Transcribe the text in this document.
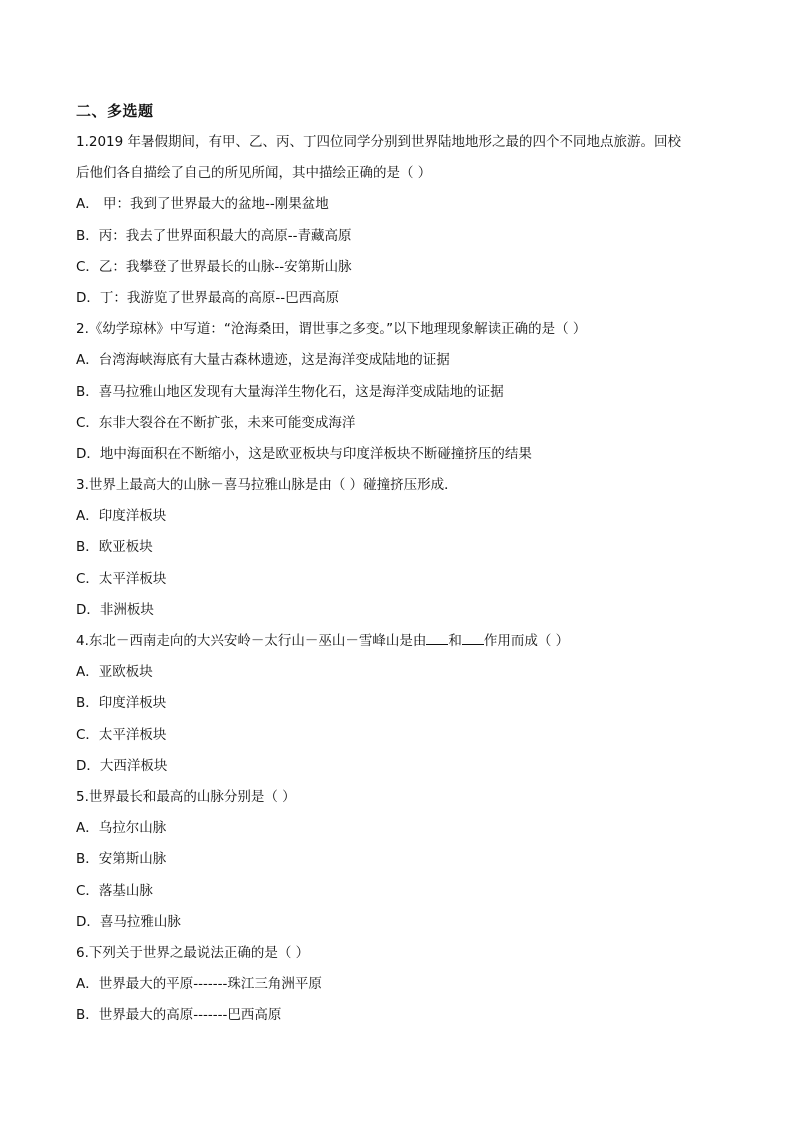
二、多选题
1.2019 年暑假期间，有甲、乙、丙、丁四位同学分别到世界陆地地形之最的四个不同地点旅游。回校
后他们各自描绘了自己的所见所闻，其中描绘正确的是（ ）
A． 甲：我到了世界最大的盆地--刚果盆地
B．丙：我去了世界面积最大的高原--青藏高原
C．乙：我攀登了世界最长的山脉--安第斯山脉
D．丁：我游览了世界最高的高原--巴西高原
2.《幼学琼林》中写道：“沧海桑田，谓世事之多变。”以下地理现象解读正确的是（ ）
A．台湾海峡海底有大量古森林遗迹，这是海洋变成陆地的证据
B．喜马拉雅山地区发现有大量海洋生物化石，这是海洋变成陆地的证据
C．东非大裂谷在不断扩张，未来可能变成海洋
D．地中海面积在不断缩小，这是欧亚板块与印度洋板块不断碰撞挤压的结果
3.世界上最高大的山脉－喜马拉雅山脉是由（ ）碰撞挤压形成．
A．印度洋板块
B．欧亚板块
C．太平洋板块
D．非洲板块
4.东北－西南走向的大兴安岭－太行山－巫山－雪峰山是由 和 作用而成（ ）
A．亚欧板块
B．印度洋板块
C．太平洋板块
D．大西洋板块
5.世界最长和最高的山脉分别是（ ）
A．乌拉尔山脉
B．安第斯山脉
C．落基山脉
D．喜马拉雅山脉
6.下列关于世界之最说法正确的是（ ）
A．世界最大的平原-------珠江三角洲平原
B．世界最大的高原-------巴西高原
